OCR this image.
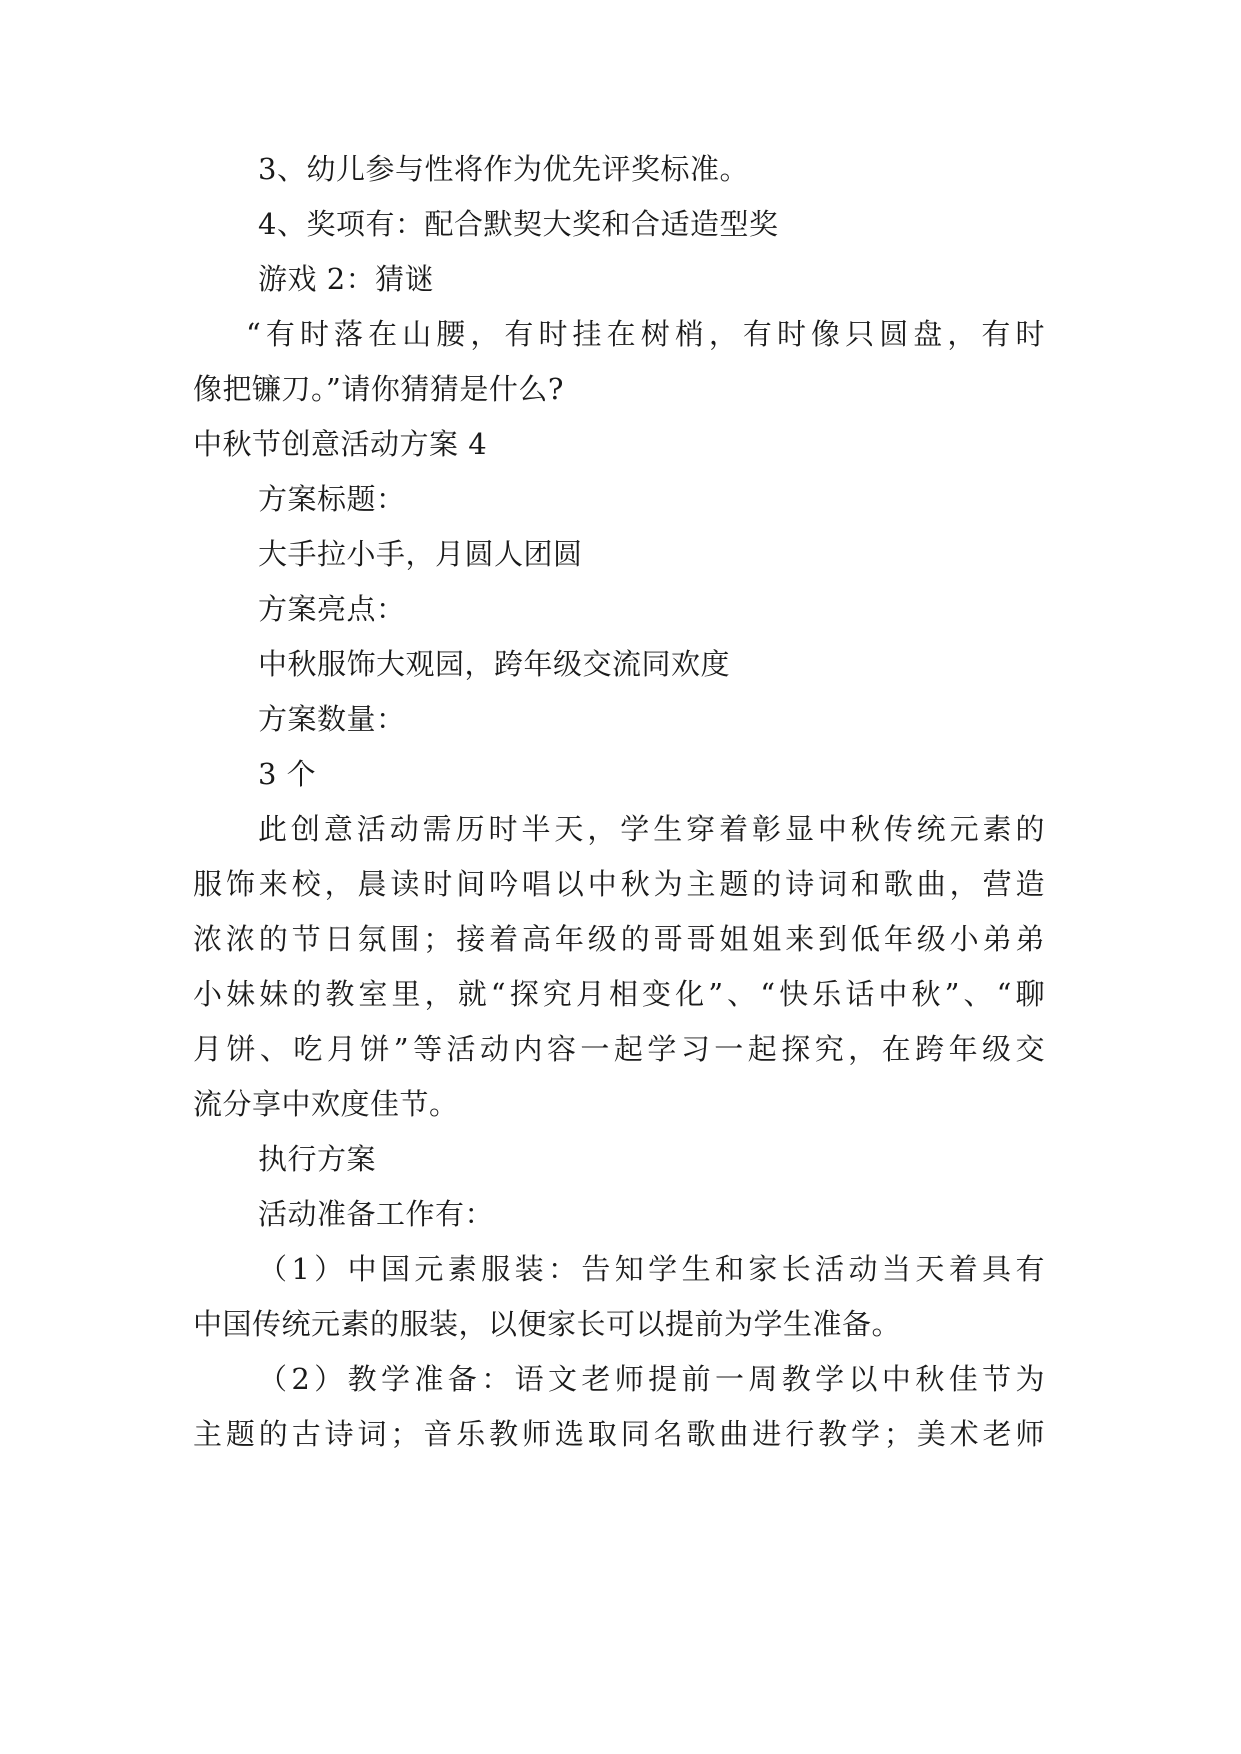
3、幼儿参与性将作为优先评奖标准。
4、奖项有：配合默契大奖和合适造型奖
游戏 2：猜谜
“有时落在山腰，有时挂在树梢，有时像只圆盘，有时
像把镰刀。”请你猜猜是什么?
中秋节创意活动方案 4
方案标题：
大手拉小手，月圆人团圆
方案亮点：
中秋服饰大观园，跨年级交流同欢度
方案数量：
3 个
此创意活动需历时半天，学生穿着彰显中秋传统元素的
服饰来校，晨读时间吟唱以中秋为主题的诗词和歌曲，营造
浓浓的节日氛围；接着高年级的哥哥姐姐来到低年级小弟弟
小妹妹的教室里，就“探究月相变化”、“快乐话中秋”、“聊
月饼、吃月饼”等活动内容一起学习一起探究，在跨年级交
流分享中欢度佳节。
执行方案
活动准备工作有：
（1）中国元素服装：告知学生和家长活动当天着具有
中国传统元素的服装，以便家长可以提前为学生准备。
（2）教学准备：语文老师提前一周教学以中秋佳节为
主题的古诗词；音乐教师选取同名歌曲进行教学；美术老师
